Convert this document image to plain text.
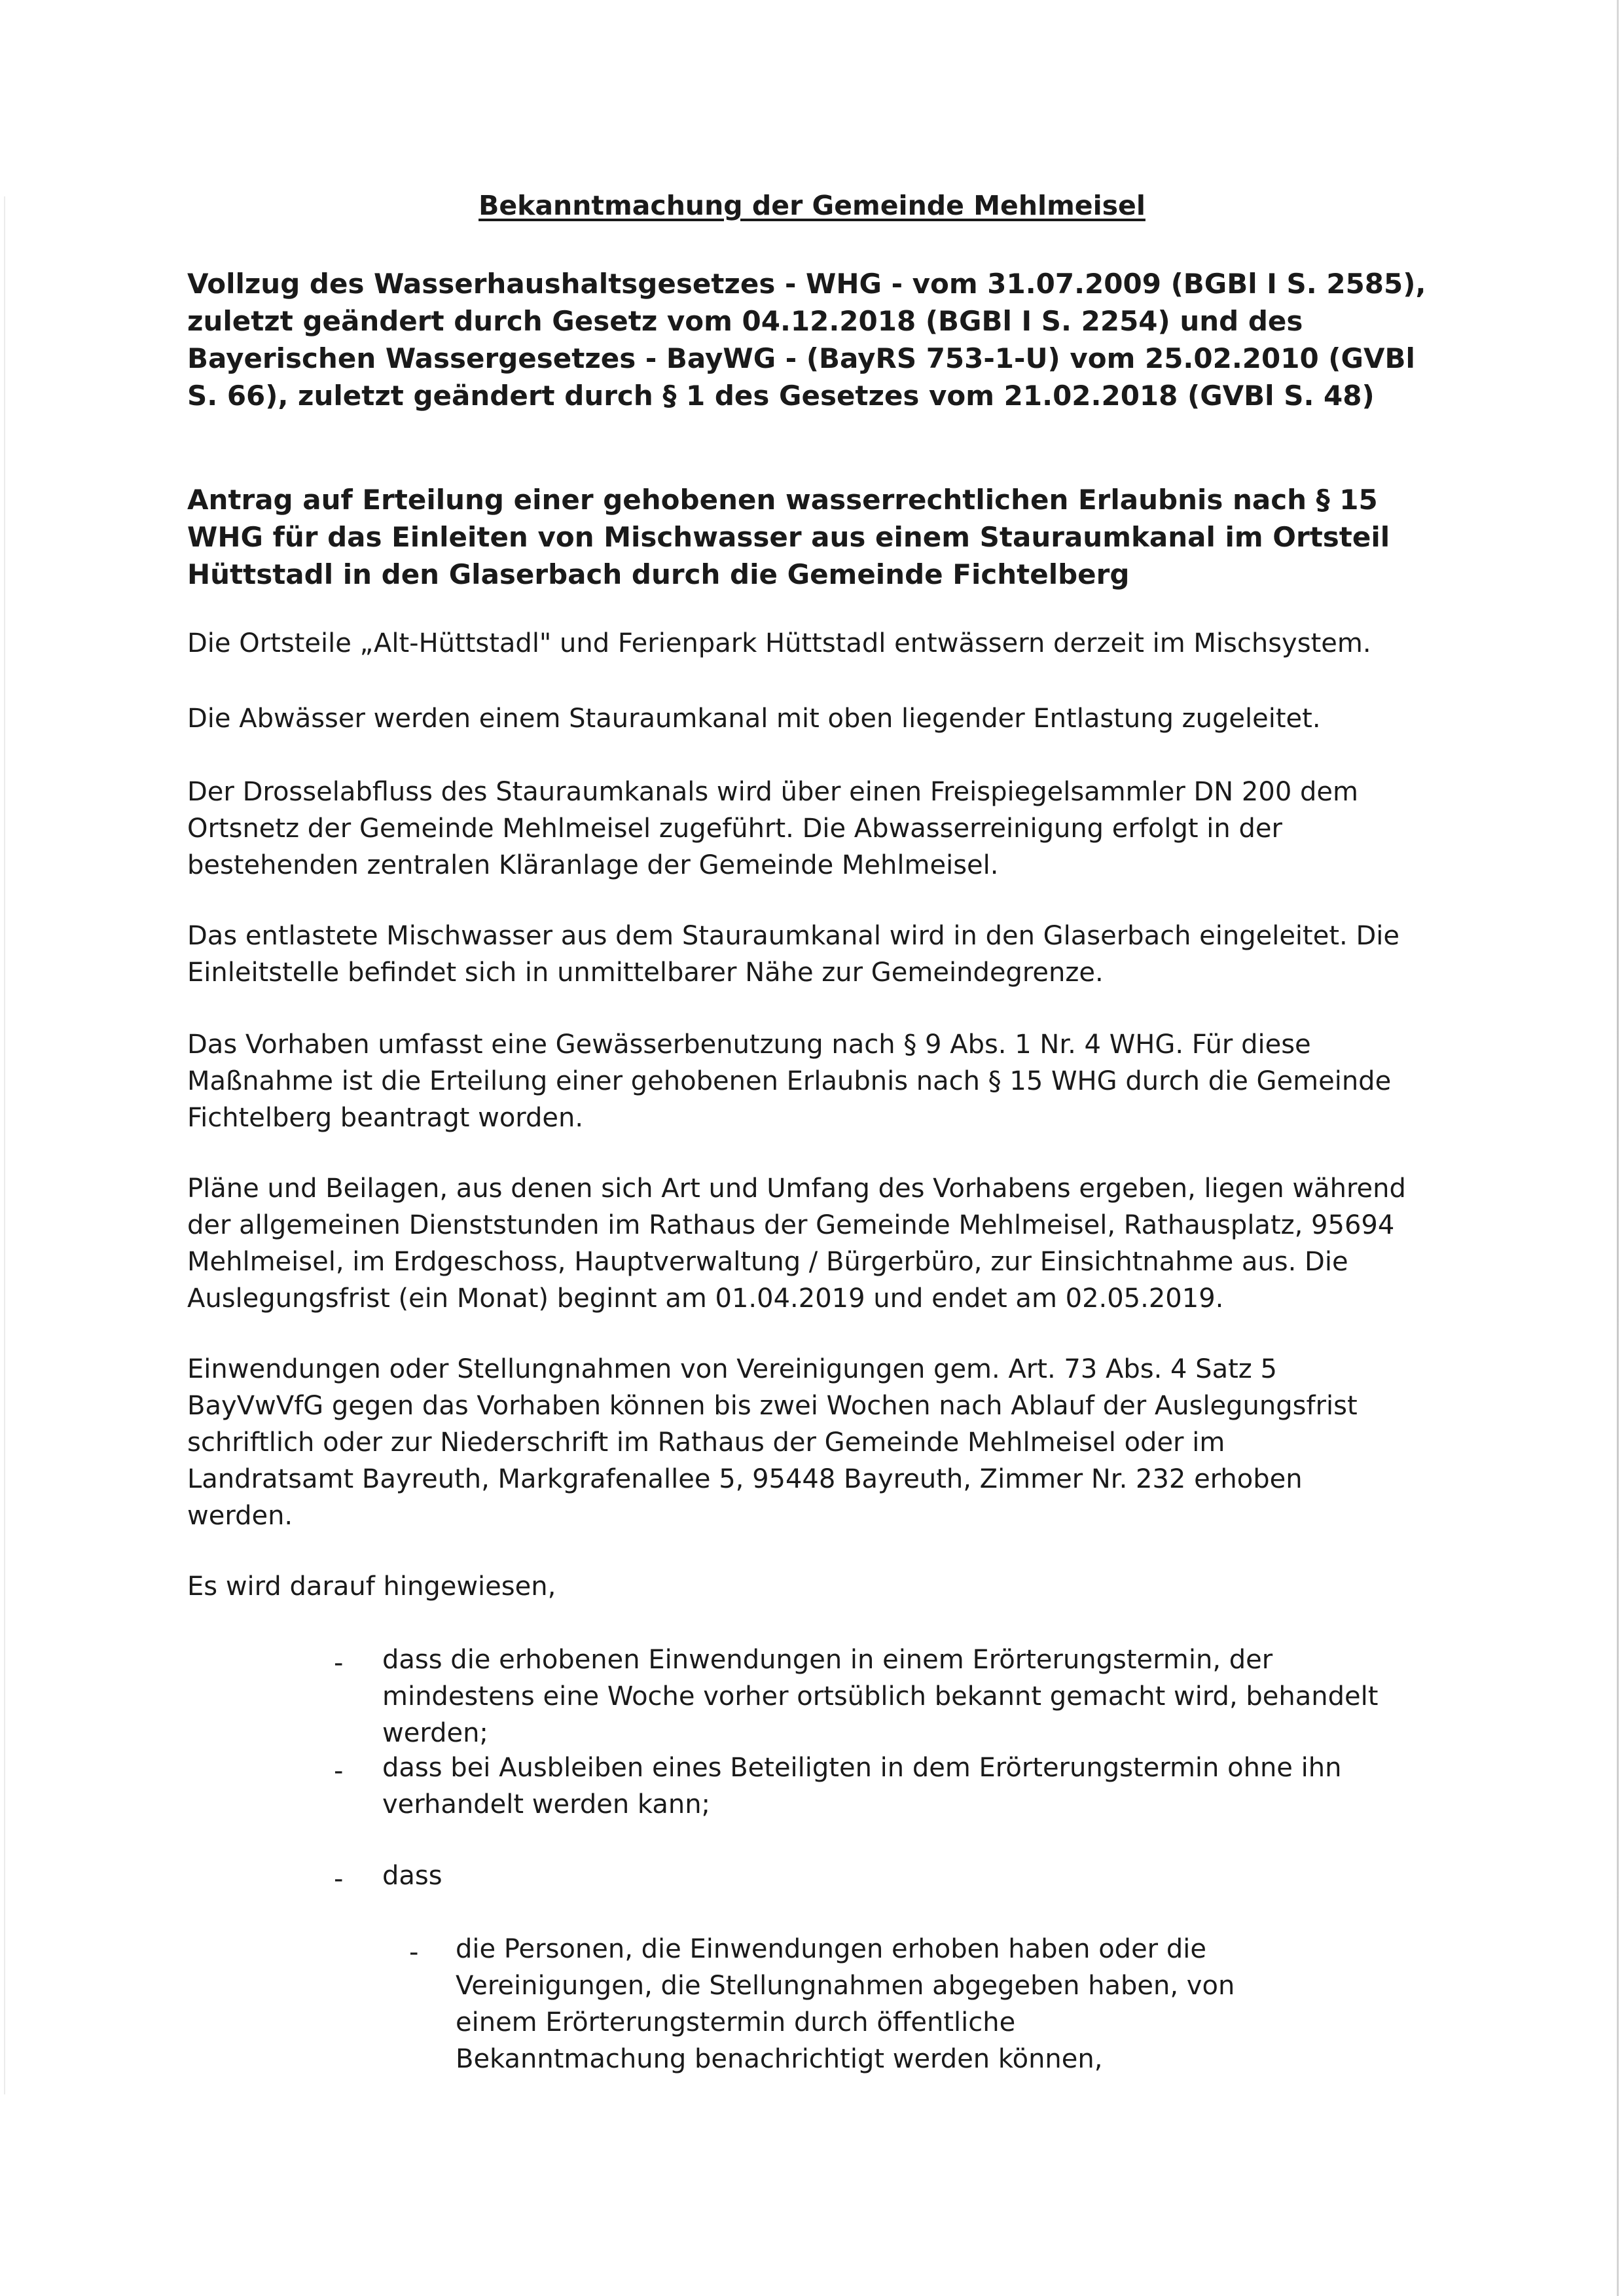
Bekanntmachung der Gemeinde Mehlmeisel
Vollzug des Wasserhaushaltsgesetzes - WHG - vom 31.07.2009 (BGBl I S. 2585), zuletzt geändert durch Gesetz vom 04.12.2018 (BGBl I S. 2254) und des Bayerischen Wassergesetzes - BayWG - (BayRS 753-1-U) vom 25.02.2010 (GVBl S. 66), zuletzt geändert durch § 1 des Gesetzes vom 21.02.2018 (GVBl S. 48)
Antrag auf Erteilung einer gehobenen wasserrechtlichen Erlaubnis nach § 15 WHG für das Einleiten von Mischwasser aus einem Stauraumkanal im Ortsteil Hüttstadl in den Glaserbach durch die Gemeinde Fichtelberg
Die Ortsteile „Alt-Hüttstadl" und Ferienpark Hüttstadl entwässern derzeit im Mischsystem.
Die Abwässer werden einem Stauraumkanal mit oben liegender Entlastung zugeleitet.
Der Drosselabfluss des Stauraumkanals wird über einen Freispiegelsammler DN 200 dem Ortsnetz der Gemeinde Mehlmeisel zugeführt. Die Abwasserreinigung erfolgt in der bestehenden zentralen Kläranlage der Gemeinde Mehlmeisel.
Das entlastete Mischwasser aus dem Stauraumkanal wird in den Glaserbach eingeleitet. Die Einleitstelle befindet sich in unmittelbarer Nähe zur Gemeindegrenze.
Das Vorhaben umfasst eine Gewässerbenutzung nach § 9 Abs. 1 Nr. 4 WHG. Für diese Maßnahme ist die Erteilung einer gehobenen Erlaubnis nach § 15 WHG durch die Gemeinde Fichtelberg beantragt worden.
Pläne und Beilagen, aus denen sich Art und Umfang des Vorhabens ergeben, liegen während der allgemeinen Dienststunden im Rathaus der Gemeinde Mehlmeisel, Rathausplatz, 95694 Mehlmeisel, im Erdgeschoss, Hauptverwaltung / Bürgerbüro, zur Einsichtnahme aus. Die Auslegungsfrist (ein Monat) beginnt am 01.04.2019 und endet am 02.05.2019.
Einwendungen oder Stellungnahmen von Vereinigungen gem. Art. 73 Abs. 4 Satz 5 BayVwVfG gegen das Vorhaben können bis zwei Wochen nach Ablauf der Auslegungsfrist schriftlich oder zur Niederschrift im Rathaus der Gemeinde Mehlmeisel oder im Landratsamt Bayreuth, Markgrafenallee 5, 95448 Bayreuth, Zimmer Nr. 232 erhoben werden.
Es wird darauf hingewiesen,
- dass die erhobenen Einwendungen in einem Erörterungstermin, der mindestens eine Woche vorher ortsüblich bekannt gemacht wird, behandelt werden;
- dass bei Ausbleiben eines Beteiligten in dem Erörterungstermin ohne ihn verhandelt werden kann;
- dass
- die Personen, die Einwendungen erhoben haben oder die Vereinigungen, die Stellungnahmen abgegeben haben, von einem Erörterungstermin durch öffentliche Bekanntmachung benachrichtigt werden können,
